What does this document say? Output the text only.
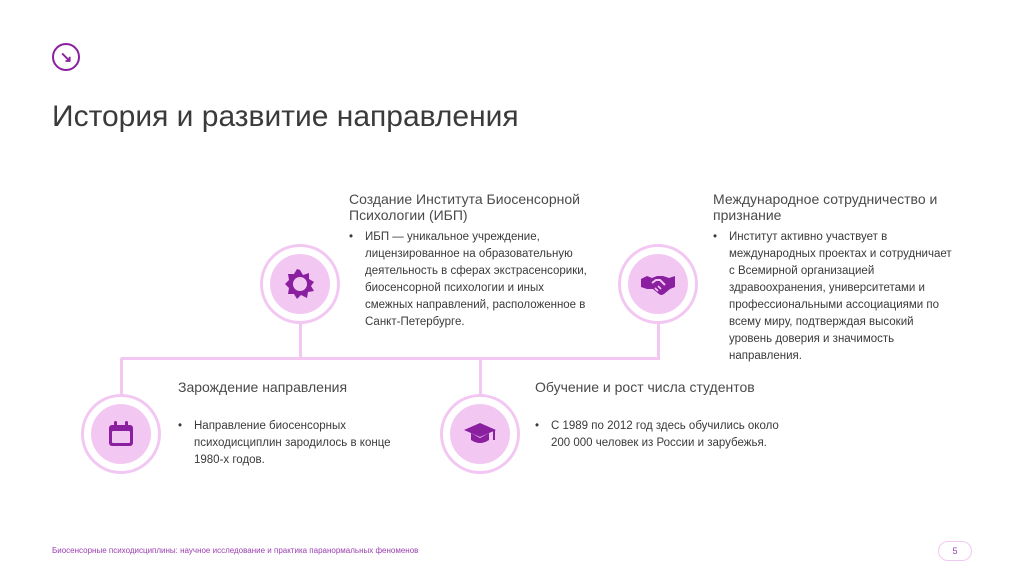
↘
История и развитие направления
Зарождение направления
•	Направление биосенсорных психодисциплин зародилось в конце 1980-х годов.
Создание Института Биосенсорной Психологии (ИБП)
•	ИБП — уникальное учреждение, лицензированное на образовательную деятельность в сферах экстрасенсорики, биосенсорной психологии и иных смежных направлений, расположенное в Санкт-Петербурге.
Обучение и рост числа студентов
•	С 1989 по 2012 год здесь обучились около 200 000 человек из России и зарубежья.
Международное сотрудничество и признание
•	Институт активно участвует в международных проектах и сотрудничает с Всемирной организацией здравоохранения, университетами и профессиональными ассоциациями по всему миру, подтверждая высокий уровень доверия и значимость направления.
Биосенсорные психодисциплины: научное исследование и практика паранормальных феноменов	5
